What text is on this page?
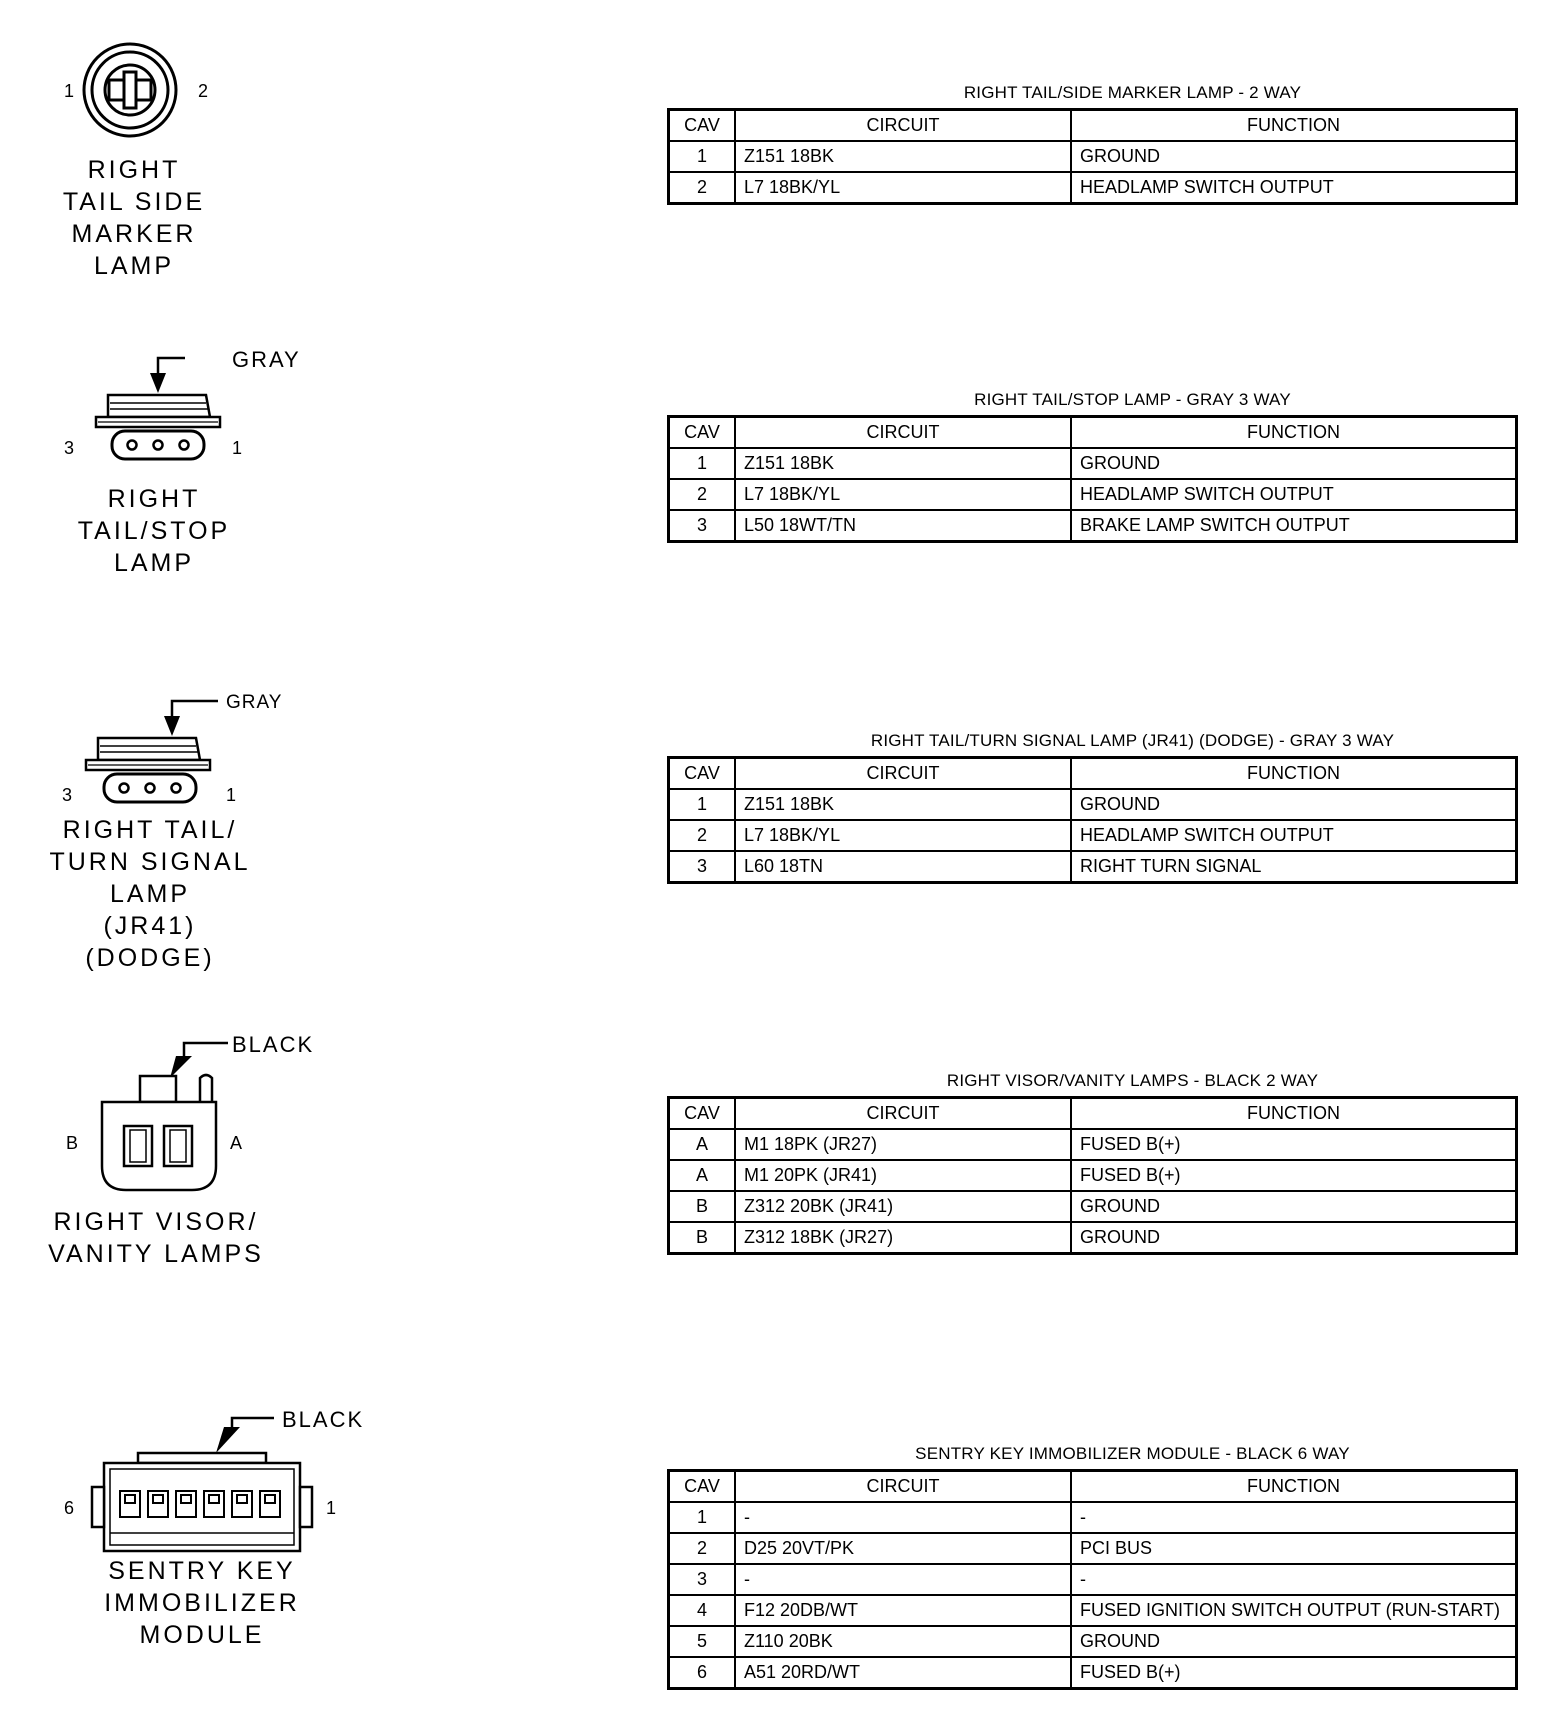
1	2
RIGHT
TAIL SIDE
MARKER
LAMP
GRAY
3	1
RIGHT
TAIL/STOP
LAMP
GRAY
3	1
RIGHT TAIL/
TURN SIGNAL
LAMP
(JR41)
(DODGE)
BLACK
B	A
RIGHT VISOR/
VANITY LAMPS
BLACK
6	1
SENTRY KEY
IMMOBILIZER
MODULE
RIGHT TAIL/SIDE MARKER LAMP - 2 WAY
CAV	CIRCUIT	FUNCTION
1	Z151 18BK	GROUND
2	L7 18BK/YL	HEADLAMP SWITCH OUTPUT
RIGHT TAIL/STOP LAMP - GRAY 3 WAY
CAV	CIRCUIT	FUNCTION
1	Z151 18BK	GROUND
2	L7 18BK/YL	HEADLAMP SWITCH OUTPUT
3	L50 18WT/TN	BRAKE LAMP SWITCH OUTPUT
RIGHT TAIL/TURN SIGNAL LAMP (JR41) (DODGE) - GRAY 3 WAY
CAV	CIRCUIT	FUNCTION
1	Z151 18BK	GROUND
2	L7 18BK/YL	HEADLAMP SWITCH OUTPUT
3	L60 18TN	RIGHT TURN SIGNAL
RIGHT VISOR/VANITY LAMPS - BLACK 2 WAY
CAV	CIRCUIT	FUNCTION
A	M1 18PK (JR27)	FUSED B(+)
A	M1 20PK (JR41)	FUSED B(+)
B	Z312 20BK (JR41)	GROUND
B	Z312 18BK (JR27)	GROUND
SENTRY KEY IMMOBILIZER MODULE - BLACK 6 WAY
CAV	CIRCUIT	FUNCTION
1	-	-
2	D25 20VT/PK	PCI BUS
3	-	-
4	F12 20DB/WT	FUSED IGNITION SWITCH OUTPUT (RUN-START)
5	Z110 20BK	GROUND
6	A51 20RD/WT	FUSED B(+)
